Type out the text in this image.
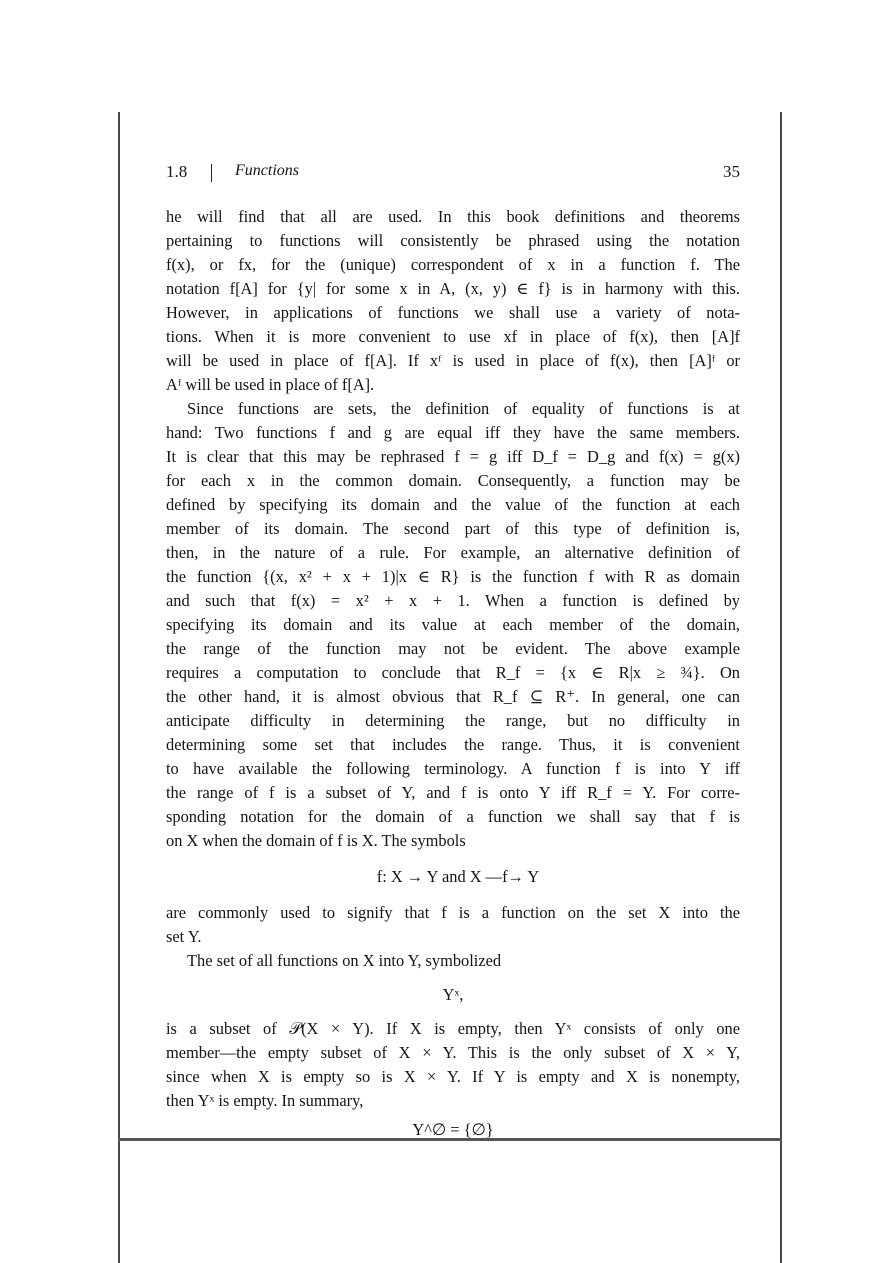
1.8	Functions	35

he will find that all are used. In this book definitions and theorems

pertaining to functions will consistently be phrased using the notation

f(x), or fx, for the (unique) correspondent of x in a function f. The

notation f[A] for {y| for some x in A, (x, y) ∈ f} is in harmony with this.

However, in applications of functions we shall use a variety of nota-

tions. When it is more convenient to use xf in place of f(x), then [A]f

will be used in place of f[A]. If xᶠ is used in place of f(x), then [A]ᶠ or

Aᶠ will be used in place of f[A].

Since functions are sets, the definition of equality of functions is at

hand: Two functions f and g are equal iff they have the same members.

It is clear that this may be rephrased f = g iff D_f = D_g and f(x) = g(x)

for each x in the common domain. Consequently, a function may be

defined by specifying its domain and the value of the function at each

member of its domain. The second part of this type of definition is,

then, in the nature of a rule. For example, an alternative definition of

the function {(x, x² + x + 1)|x ∈ R} is the function f with R as domain

and such that f(x) = x² + x + 1. When a function is defined by

specifying its domain and its value at each member of the domain,

the range of the function may not be evident. The above example

requires a computation to conclude that R_f = {x ∈ R|x ≥ ¾}. On

the other hand, it is almost obvious that R_f ⊆ R⁺. In general, one can

anticipate difficulty in determining the range, but no difficulty in

determining some set that includes the range. Thus, it is convenient

to have available the following terminology. A function f is into Y iff

the range of f is a subset of Y, and f is onto Y iff R_f = Y. For corre-

sponding notation for the domain of a function we shall say that f is

on X when the domain of f is X. The symbols

f: X → Y and X —f→ Y

are commonly used to signify that f is a function on the set X into the

set Y.

The set of all functions on X into Y, symbolized

Yˣ,

is a subset of 𝒫(X × Y). If X is empty, then Yˣ consists of only one

member—the empty subset of X × Y. This is the only subset of X × Y,

since when X is empty so is X × Y. If Y is empty and X is nonempty,

then Yˣ is empty. In summary,

Y^∅ = {∅}
